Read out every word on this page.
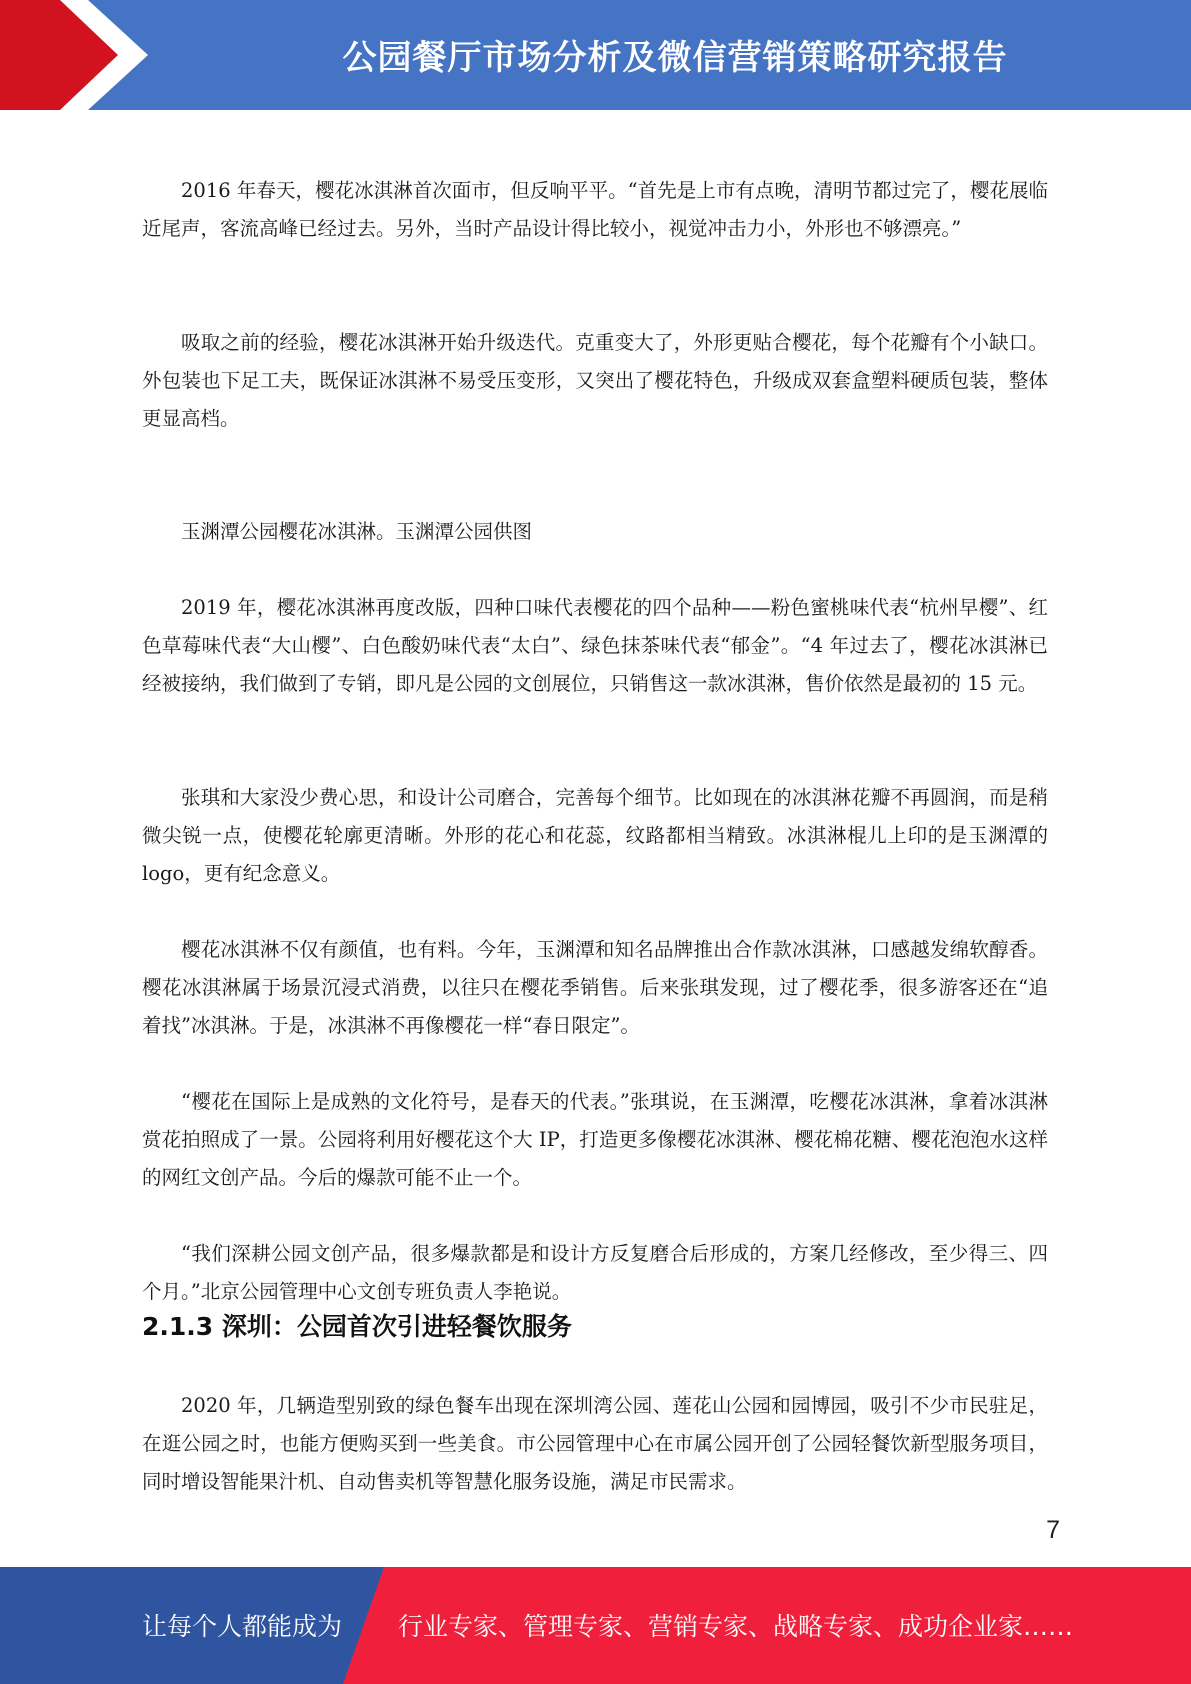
公园餐厅市场分析及微信营销策略研究报告

2016 年春天，樱花冰淇淋首次面市，但反响平平。“首先是上市有点晚，清明节都过完了，樱花展临近尾声，客流高峰已经过去。另外，当时产品设计得比较小，视觉冲击力小，外形也不够漂亮。”

吸取之前的经验，樱花冰淇淋开始升级迭代。克重变大了，外形更贴合樱花，每个花瓣有个小缺口。外包装也下足工夫，既保证冰淇淋不易受压变形，又突出了樱花特色，升级成双套盒塑料硬质包装，整体更显高档。

玉渊潭公园樱花冰淇淋。玉渊潭公园供图

2019 年，樱花冰淇淋再度改版，四种口味代表樱花的四个品种——粉色蜜桃味代表“杭州早樱”、红色草莓味代表“大山樱”、白色酸奶味代表“太白”、绿色抹茶味代表“郁金”。“4 年过去了，樱花冰淇淋已经被接纳，我们做到了专销，即凡是公园的文创展位，只销售这一款冰淇淋，售价依然是最初的 15 元。

张琪和大家没少费心思，和设计公司磨合，完善每个细节。比如现在的冰淇淋花瓣不再圆润，而是稍微尖锐一点，使樱花轮廓更清晰。外形的花心和花蕊，纹路都相当精致。冰淇淋棍儿上印的是玉渊潭的 logo，更有纪念意义。

樱花冰淇淋不仅有颜值，也有料。今年，玉渊潭和知名品牌推出合作款冰淇淋，口感越发绵软醇香。樱花冰淇淋属于场景沉浸式消费，以往只在樱花季销售。后来张琪发现，过了樱花季，很多游客还在“追着找”冰淇淋。于是，冰淇淋不再像樱花一样“春日限定”。

“樱花在国际上是成熟的文化符号，是春天的代表。”张琪说，在玉渊潭，吃樱花冰淇淋，拿着冰淇淋赏花拍照成了一景。公园将利用好樱花这个大 IP，打造更多像樱花冰淇淋、樱花棉花糖、樱花泡泡水这样的网红文创产品。今后的爆款可能不止一个。

“我们深耕公园文创产品，很多爆款都是和设计方反复磨合后形成的，方案几经修改，至少得三、四个月。”北京公园管理中心文创专班负责人李艳说。

2.1.3 深圳：公园首次引进轻餐饮服务

2020 年，几辆造型别致的绿色餐车出现在深圳湾公园、莲花山公园和园博园，吸引不少市民驻足，在逛公园之时，也能方便购买到一些美食。市公园管理中心在市属公园开创了公园轻餐饮新型服务项目，同时增设智能果汁机、自动售卖机等智慧化服务设施，满足市民需求。

7
让每个人都能成为 行业专家、管理专家、营销专家、战略专家、成功企业家……
